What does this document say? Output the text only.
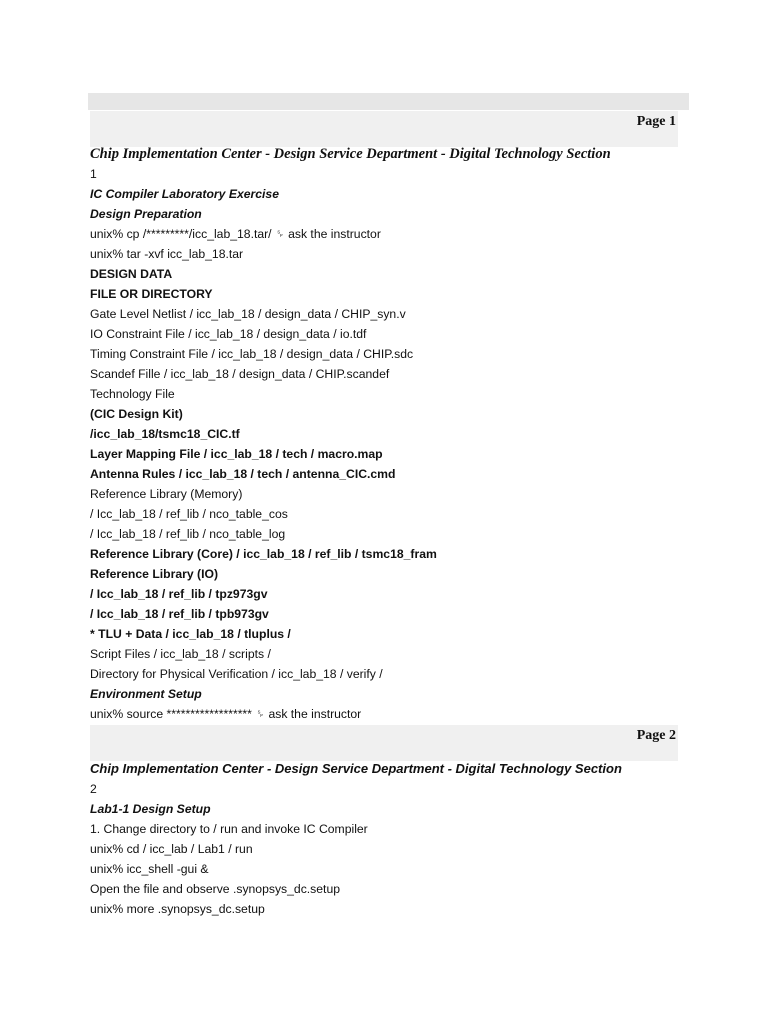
Page 1
Chip Implementation Center - Design Service Department - Digital Technology Section
1
IC Compiler Laboratory Exercise
Design Preparation
unix% cp /*********/icc_lab_18.tar/ ␠ ask the instructor
unix% tar -xvf icc_lab_18.tar
DESIGN DATA
FILE OR DIRECTORY
Gate Level Netlist / icc_lab_18 / design_data / CHIP_syn.v
IO Constraint File / icc_lab_18 / design_data / io.tdf
Timing Constraint File / icc_lab_18 / design_data / CHIP.sdc
Scandef Fille / icc_lab_18 / design_data / CHIP.scandef
Technology File
(CIC Design Kit)
/icc_lab_18/tsmc18_CIC.tf
Layer Mapping File / icc_lab_18 / tech / macro.map
Antenna Rules / icc_lab_18 / tech / antenna_CIC.cmd
Reference Library (Memory)
/ Icc_lab_18 / ref_lib / nco_table_cos
/ Icc_lab_18 / ref_lib / nco_table_log
Reference Library (Core) / icc_lab_18 / ref_lib / tsmc18_fram
Reference Library (IO)
/ Icc_lab_18 / ref_lib / tpz973gv
/ Icc_lab_18 / ref_lib / tpb973gv
* TLU + Data / icc_lab_18 / tluplus /
Script Files / icc_lab_18 / scripts /
Directory for Physical Verification / icc_lab_18 / verify /
Environment Setup
unix% source ****************** ␠ ask the instructor
Page 2
Chip Implementation Center - Design Service Department - Digital Technology Section
2
Lab1-1 Design Setup
1. Change directory to / run and invoke IC Compiler
unix% cd / icc_lab / Lab1 / run
unix% icc_shell -gui &
Open the file and observe .synopsys_dc.setup
unix% more .synopsys_dc.setup
